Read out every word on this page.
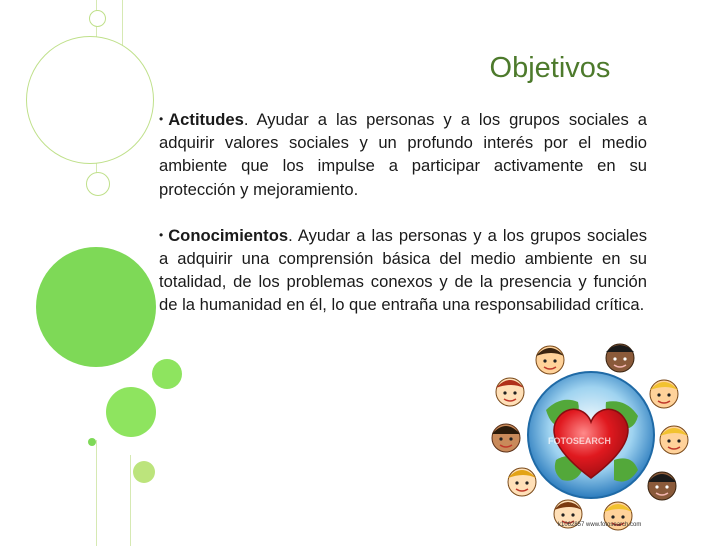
Objetivos

• Actitudes. Ayudar a las personas y a los grupos sociales a adquirir valores sociales y un profundo interés por el medio ambiente que los impulse a participar activamente en su protección y mejoramiento.

• Conocimientos. Ayudar a las personas y a los grupos sociales a adquirir una comprensión básica del medio ambiente en su totalidad, de los problemas conexos y de la presencia y función de la humanidad en él, lo que entraña una responsabilidad crítica.

FOTOSEARCH
k1062857 www.fotosearch.com
